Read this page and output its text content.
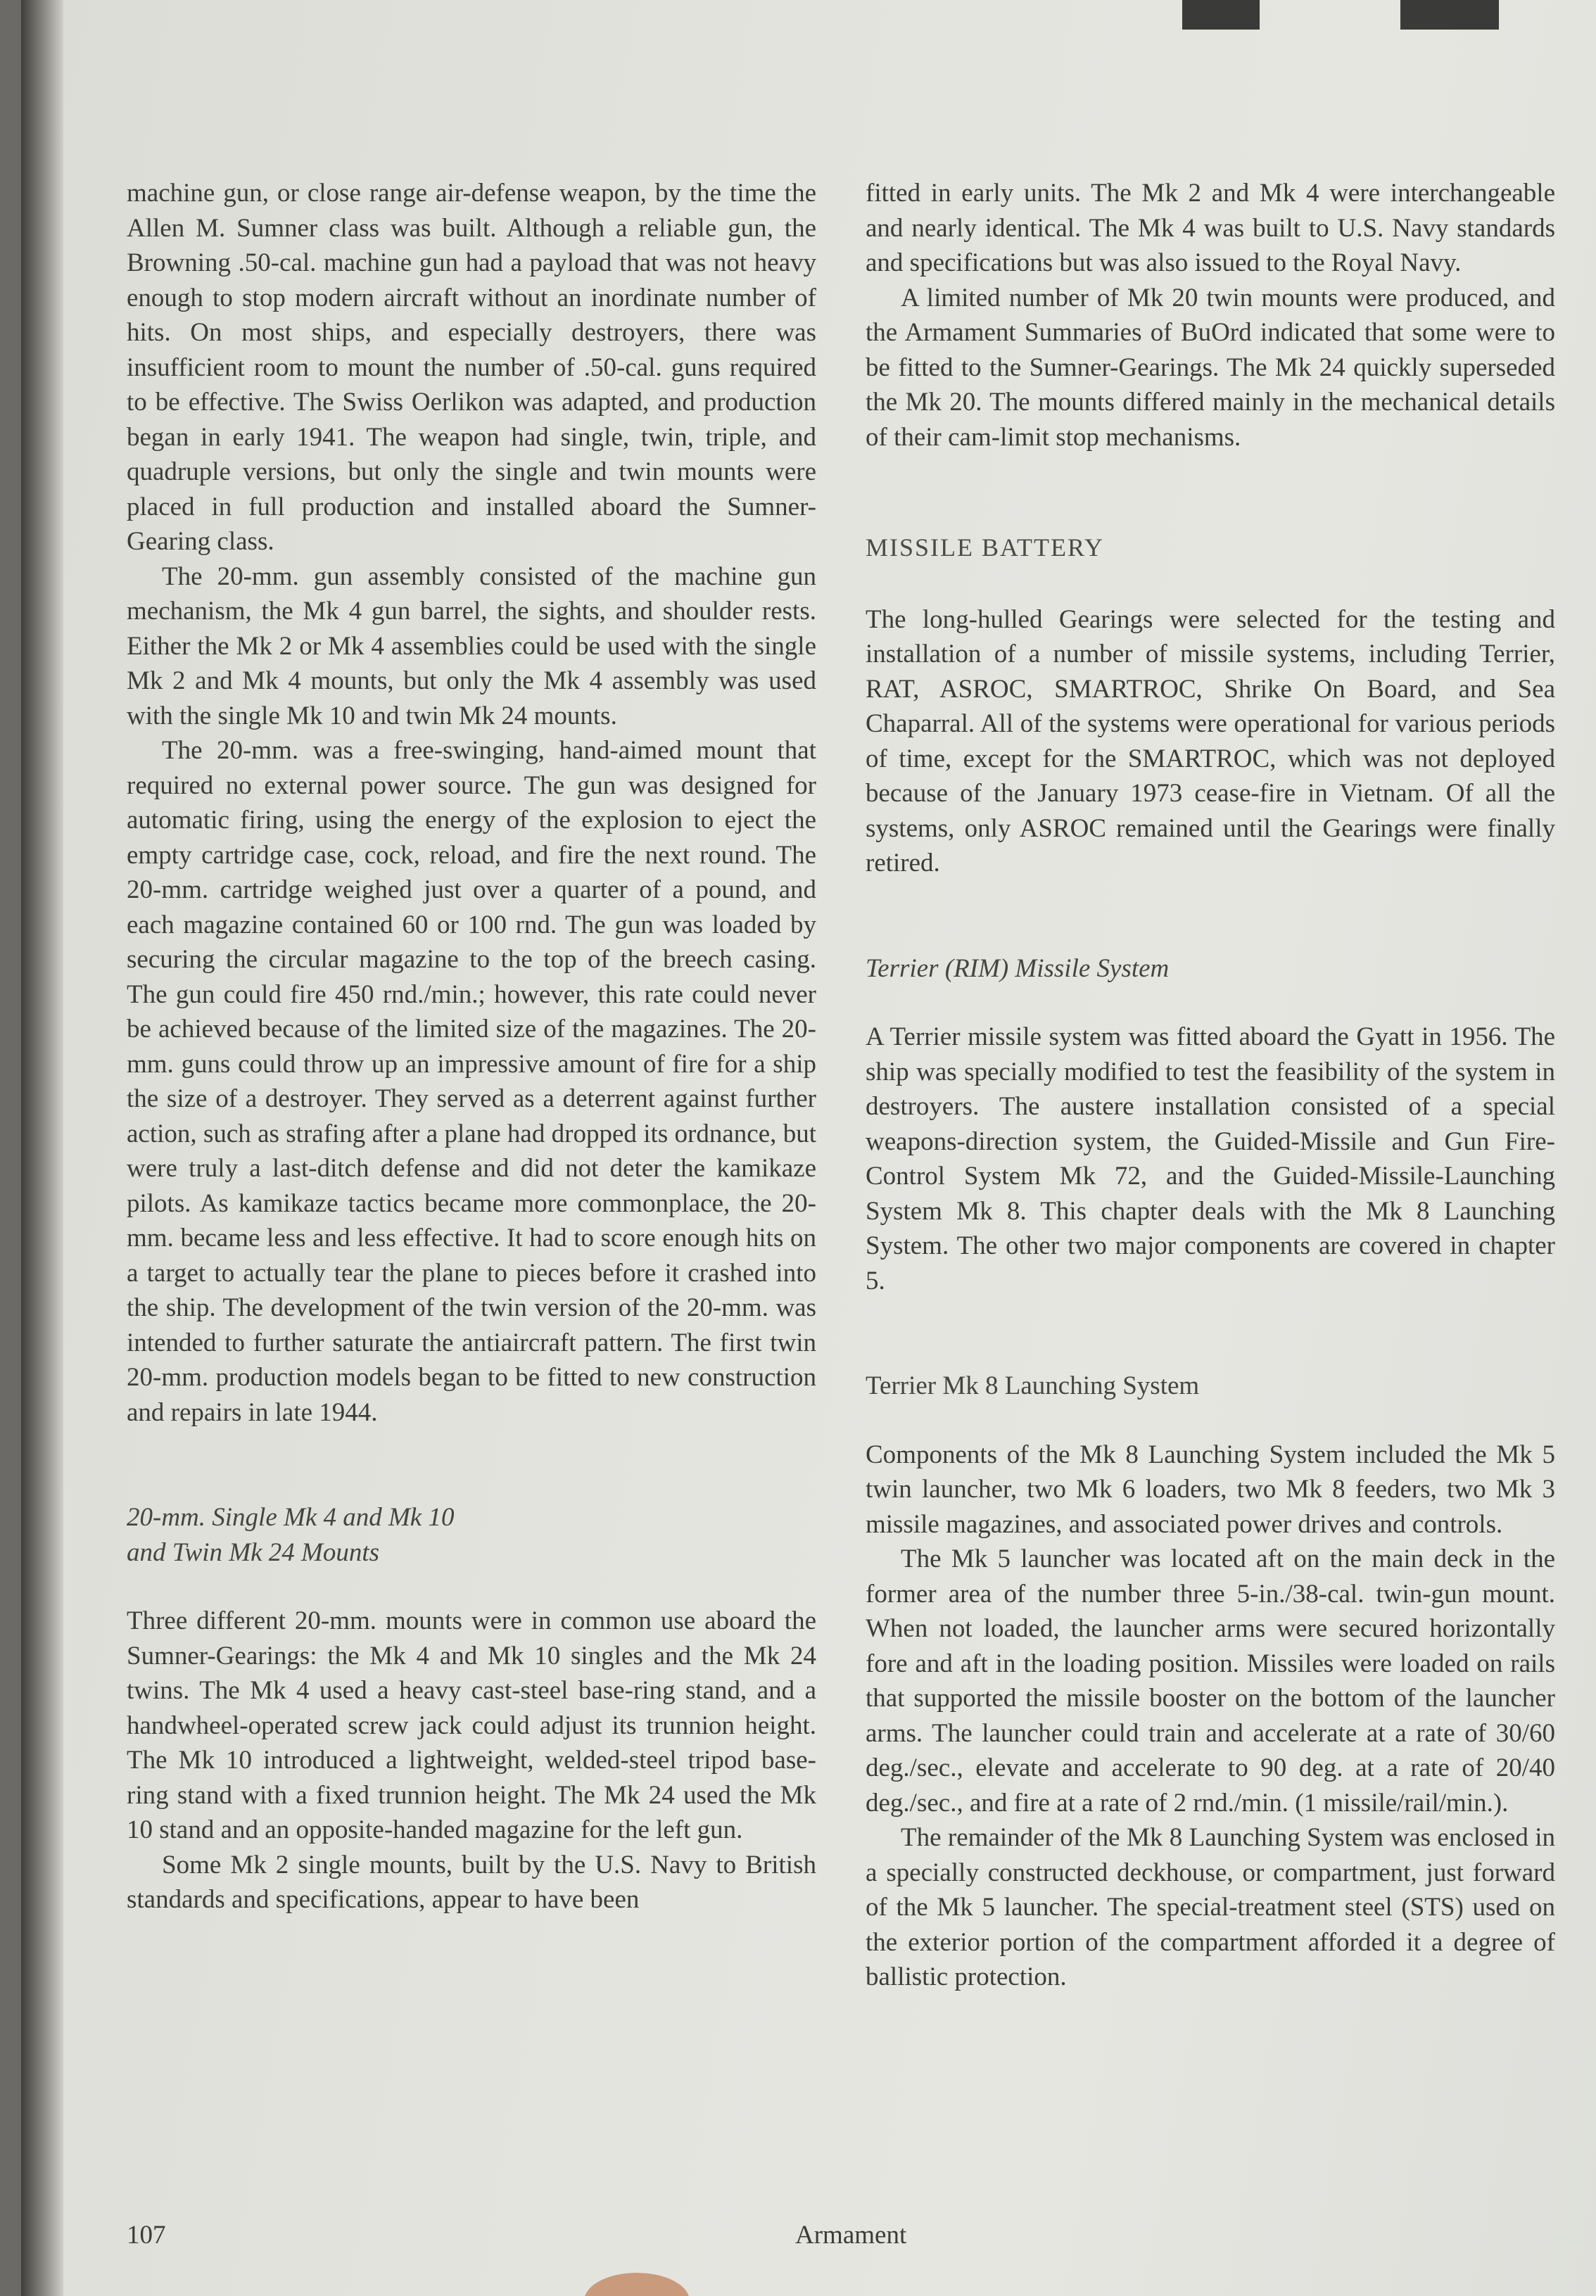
machine gun, or close range air-defense weapon, by the time the Allen M. Sumner class was built. Although a reliable gun, the Browning .50-cal. machine gun had a payload that was not heavy enough to stop modern aircraft without an inordinate number of hits. On most ships, and especially destroyers, there was insufficient room to mount the number of .50-cal. guns required to be effective. The Swiss Oerlikon was adapted, and production began in early 1941. The weapon had single, twin, triple, and quadruple versions, but only the single and twin mounts were placed in full production and installed aboard the Sumner-Gearing class.

The 20-mm. gun assembly consisted of the machine gun mechanism, the Mk 4 gun barrel, the sights, and shoulder rests. Either the Mk 2 or Mk 4 assemblies could be used with the single Mk 2 and Mk 4 mounts, but only the Mk 4 assembly was used with the single Mk 10 and twin Mk 24 mounts.

The 20-mm. was a free-swinging, hand-aimed mount that required no external power source. The gun was designed for automatic firing, using the energy of the explosion to eject the empty cartridge case, cock, reload, and fire the next round. The 20-mm. cartridge weighed just over a quarter of a pound, and each magazine contained 60 or 100 rnd. The gun was loaded by securing the circular magazine to the top of the breech casing. The gun could fire 450 rnd./min.; however, this rate could never be achieved because of the limited size of the magazines. The 20-mm. guns could throw up an impressive amount of fire for a ship the size of a destroyer. They served as a deterrent against further action, such as strafing after a plane had dropped its ordnance, but were truly a last-ditch defense and did not deter the kamikaze pilots. As kamikaze tactics became more commonplace, the 20-mm. became less and less effective. It had to score enough hits on a target to actually tear the plane to pieces before it crashed into the ship. The development of the twin version of the 20-mm. was intended to further saturate the antiaircraft pattern. The first twin 20-mm. production models began to be fitted to new construction and repairs in late 1944.

20-mm. Single Mk 4 and Mk 10
and Twin Mk 24 Mounts

Three different 20-mm. mounts were in common use aboard the Sumner-Gearings: the Mk 4 and Mk 10 singles and the Mk 24 twins. The Mk 4 used a heavy cast-steel base-ring stand, and a handwheel-operated screw jack could adjust its trunnion height. The Mk 10 introduced a lightweight, welded-steel tripod base-ring stand with a fixed trunnion height. The Mk 24 used the Mk 10 stand and an opposite-handed magazine for the left gun.

Some Mk 2 single mounts, built by the U.S. Navy to British standards and specifications, appear to have been

fitted in early units. The Mk 2 and Mk 4 were interchangeable and nearly identical. The Mk 4 was built to U.S. Navy standards and specifications but was also issued to the Royal Navy.

A limited number of Mk 20 twin mounts were produced, and the Armament Summaries of BuOrd indicated that some were to be fitted to the Sumner-Gearings. The Mk 24 quickly superseded the Mk 20. The mounts differed mainly in the mechanical details of their cam-limit stop mechanisms.

MISSILE BATTERY

The long-hulled Gearings were selected for the testing and installation of a number of missile systems, including Terrier, RAT, ASROC, SMARTROC, Shrike On Board, and Sea Chaparral. All of the systems were operational for various periods of time, except for the SMARTROC, which was not deployed because of the January 1973 cease-fire in Vietnam. Of all the systems, only ASROC remained until the Gearings were finally retired.

Terrier (RIM) Missile System

A Terrier missile system was fitted aboard the Gyatt in 1956. The ship was specially modified to test the feasibility of the system in destroyers. The austere installation consisted of a special weapons-direction system, the Guided-Missile and Gun Fire-Control System Mk 72, and the Guided-Missile-Launching System Mk 8. This chapter deals with the Mk 8 Launching System. The other two major components are covered in chapter 5.

Terrier Mk 8 Launching System

Components of the Mk 8 Launching System included the Mk 5 twin launcher, two Mk 6 loaders, two Mk 8 feeders, two Mk 3 missile magazines, and associated power drives and controls.

The Mk 5 launcher was located aft on the main deck in the former area of the number three 5-in./38-cal. twin-gun mount. When not loaded, the launcher arms were secured horizontally fore and aft in the loading position. Missiles were loaded on rails that supported the missile booster on the bottom of the launcher arms. The launcher could train and accelerate at a rate of 30/60 deg./sec., elevate and accelerate to 90 deg. at a rate of 20/40 deg./sec., and fire at a rate of 2 rnd./min. (1 missile/rail/min.).

The remainder of the Mk 8 Launching System was enclosed in a specially constructed deckhouse, or compartment, just forward of the Mk 5 launcher. The special-treatment steel (STS) used on the exterior portion of the compartment afforded it a degree of ballistic protection.

107	Armament
